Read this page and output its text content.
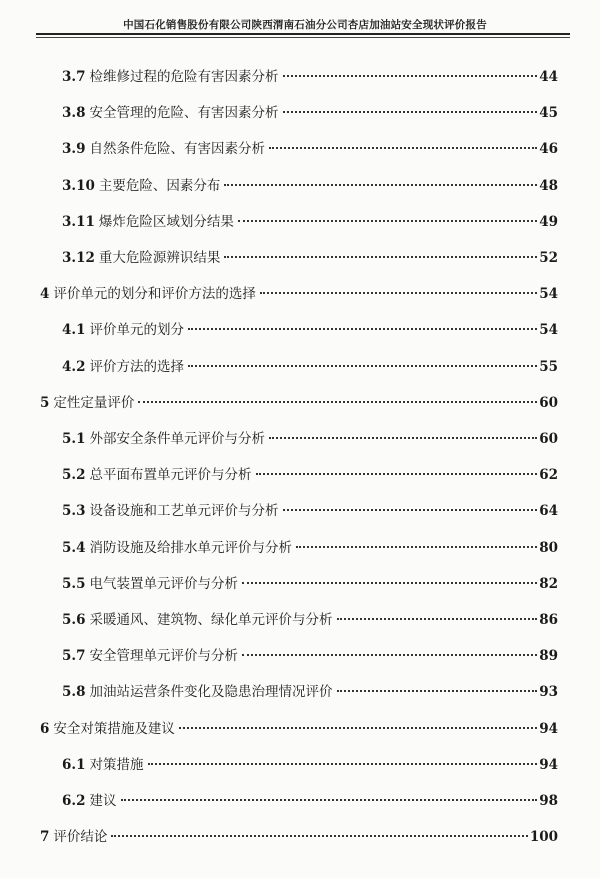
中国石化销售股份有限公司陕西渭南石油分公司杏店加油站安全现状评价报告
3.7 检维修过程的危险有害因素分析	44
3.8 安全管理的危险、有害因素分析	45
3.9 自然条件危险、有害因素分析	46
3.10 主要危险、因素分布	48
3.11 爆炸危险区域划分结果	49
3.12 重大危险源辨识结果	52
4 评价单元的划分和评价方法的选择	54
4.1 评价单元的划分	54
4.2 评价方法的选择	55
5 定性定量评价	60
5.1 外部安全条件单元评价与分析	60
5.2 总平面布置单元评价与分析	62
5.3 设备设施和工艺单元评价与分析	64
5.4 消防设施及给排水单元评价与分析	80
5.5 电气装置单元评价与分析	82
5.6 采暖通风、建筑物、绿化单元评价与分析	86
5.7 安全管理单元评价与分析	89
5.8 加油站运营条件变化及隐患治理情况评价	93
6 安全对策措施及建议	94
6.1 对策措施	94
6.2 建议	98
7 评价结论	100
